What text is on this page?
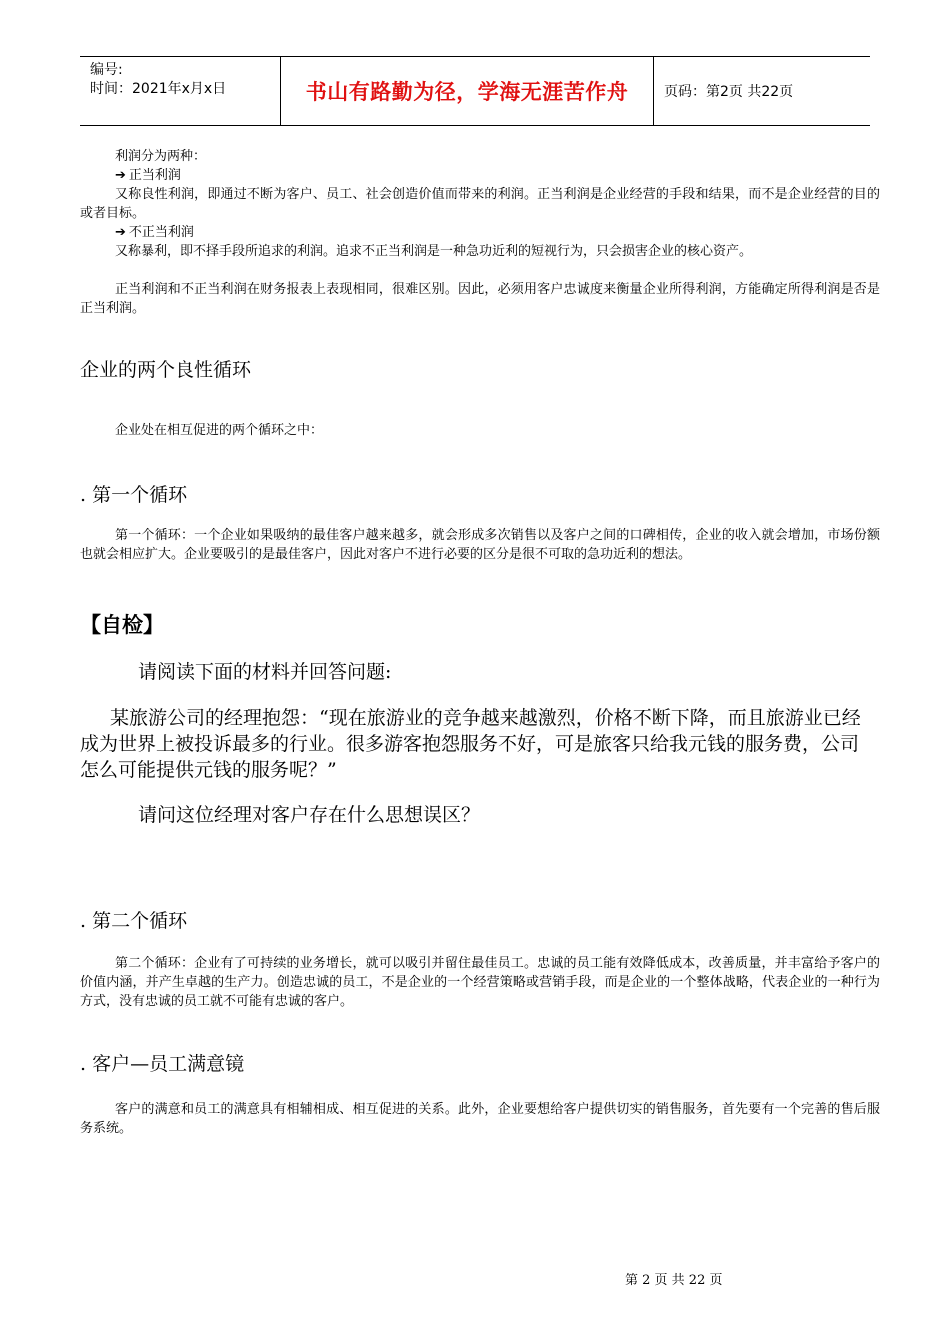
编号:
时间：2021年x月x日	书山有路勤为径，学海无涯苦作舟	页码：第2页 共22页
利润分为两种：
➔ 正当利润
又称良性利润，即通过不断为客户、员工、社会创造价值而带来的利润。正当利润是企业经营的手段和结果，而不是企业经营的目的或者目标。
➔ 不正当利润
又称暴利，即不择手段所追求的利润。追求不正当利润是一种急功近利的短视行为，只会损害企业的核心资产。
正当利润和不正当利润在财务报表上表现相同，很难区别。因此，必须用客户忠诚度来衡量企业所得利润，方能确定所得利润是否是正当利润。
企业的两个良性循环
企业处在相互促进的两个循环之中：
. 第一个循环
第一个循环：一个企业如果吸纳的最佳客户越来越多，就会形成多次销售以及客户之间的口碑相传，企业的收入就会增加，市场份额也就会相应扩大。企业要吸引的是最佳客户，因此对客户不进行必要的区分是很不可取的急功近利的想法。
【自检】
请阅读下面的材料并回答问题:
某旅游公司的经理抱怨：“现在旅游业的竞争越来越激烈，价格不断下降，而且旅游业已经成为世界上被投诉最多的行业。很多游客抱怨服务不好，可是旅客只给我元钱的服务费，公司怎么可能提供元钱的服务呢？”
请问这位经理对客户存在什么思想误区？
. 第二个循环
第二个循环：企业有了可持续的业务增长，就可以吸引并留住最佳员工。忠诚的员工能有效降低成本，改善质量，并丰富给予客户的价值内涵，并产生卓越的生产力。创造忠诚的员工，不是企业的一个经营策略或营销手段，而是企业的一个整体战略，代表企业的一种行为方式，没有忠诚的员工就不可能有忠诚的客户。
. 客户—员工满意镜
客户的满意和员工的满意具有相辅相成、相互促进的关系。此外，企业要想给客户提供切实的销售服务，首先要有一个完善的售后服务系统。
第 2 页 共 22 页
